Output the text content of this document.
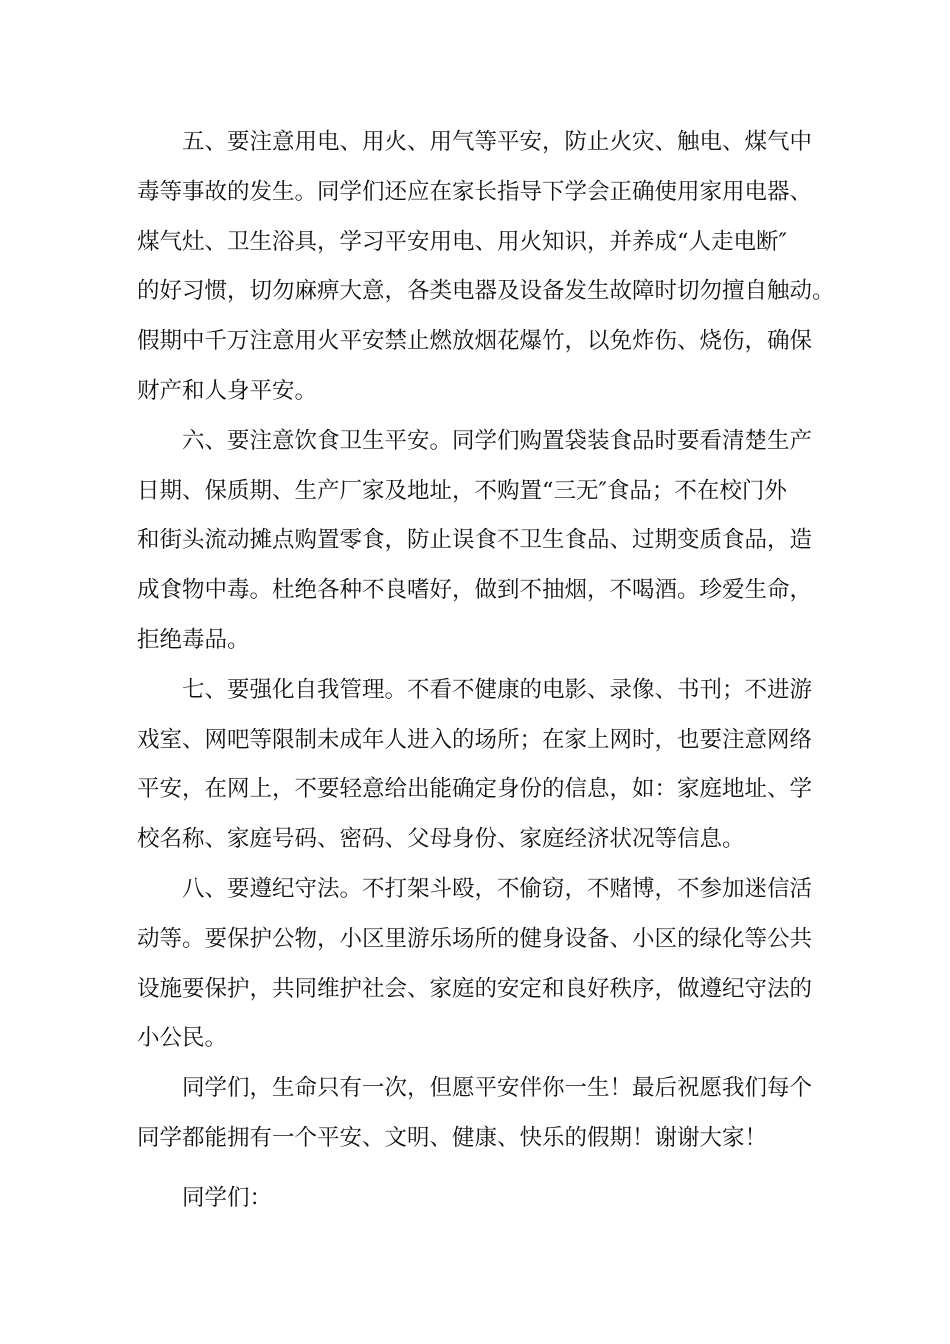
五、要注意用电、用火、用气等平安，防止火灾、触电、煤气中
毒等事故的发生。同学们还应在家长指导下学会正确使用家用电器、
煤气灶、卫生浴具，学习平安用电、用火知识，并养成“人走电断″
的好习惯，切勿麻痹大意，各类电器及设备发生故障时切勿擅自触动。
假期中千万注意用火平安禁止燃放烟花爆竹，以免炸伤、烧伤，确保
财产和人身平安。
六、要注意饮食卫生平安。同学们购置袋装食品时要看清楚生产
日期、保质期、生产厂家及地址，不购置“三无″食品；不在校门外
和街头流动摊点购置零食，防止误食不卫生食品、过期变质食品，造
成食物中毒。杜绝各种不良嗜好，做到不抽烟，不喝酒。珍爱生命，
拒绝毒品。
七、要强化自我管理。不看不健康的电影、录像、书刊；不进游
戏室、网吧等限制未成年人进入的场所；在家上网时，也要注意网络
平安，在网上，不要轻意给出能确定身份的信息，如：家庭地址、学
校名称、家庭号码、密码、父母身份、家庭经济状况等信息。
八、要遵纪守法。不打架斗殴，不偷窃，不赌博，不参加迷信活
动等。要保护公物，小区里游乐场所的健身设备、小区的绿化等公共
设施要保护，共同维护社会、家庭的安定和良好秩序，做遵纪守法的
小公民。
同学们，生命只有一次，但愿平安伴你一生！最后祝愿我们每个
同学都能拥有一个平安、文明、健康、快乐的假期！谢谢大家！
同学们：
